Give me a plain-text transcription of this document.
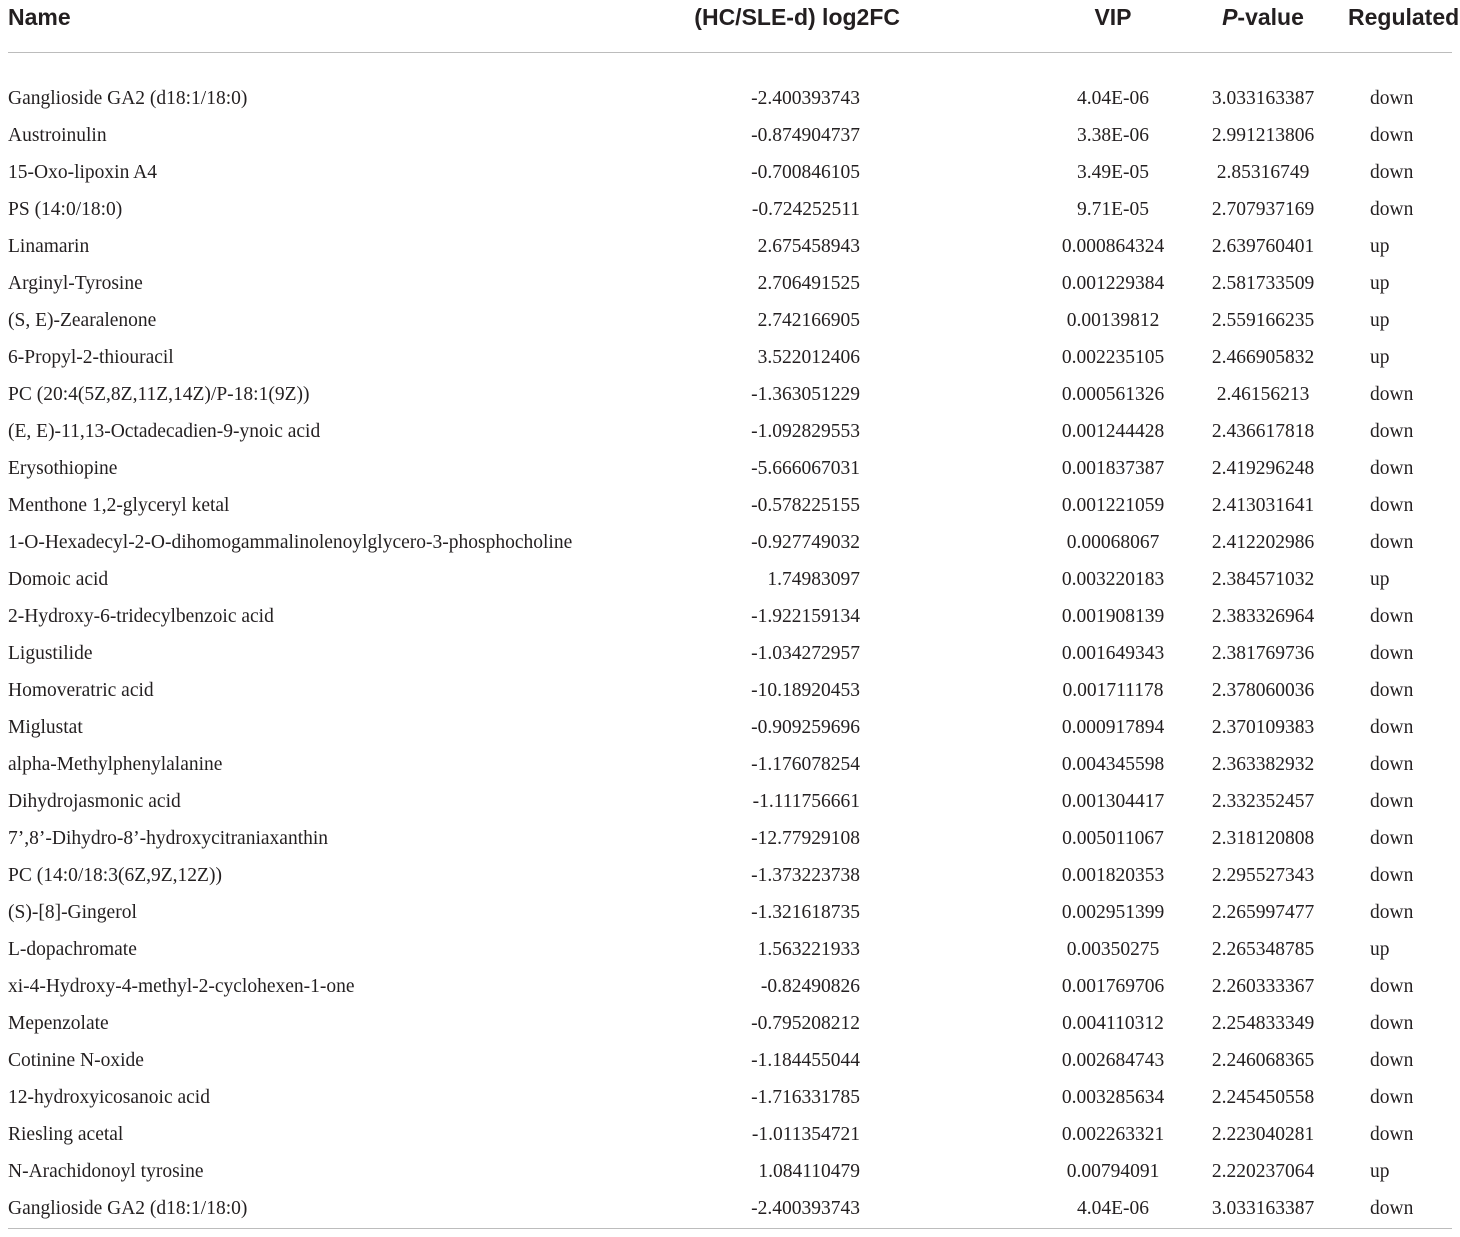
Name	(HC/SLE-d) log2FC	VIP	P-value	Regulated
Ganglioside GA2 (d18:1/18:0)	-2.400393743	4.04E-06	3.033163387	down
Austroinulin	-0.874904737	3.38E-06	2.991213806	down
15-Oxo-lipoxin A4	-0.700846105	3.49E-05	2.85316749	down
PS (14:0/18:0)	-0.724252511	9.71E-05	2.707937169	down
Linamarin	2.675458943	0.000864324	2.639760401	up
Arginyl-Tyrosine	2.706491525	0.001229384	2.581733509	up
(S, E)-Zearalenone	2.742166905	0.00139812	2.559166235	up
6-Propyl-2-thiouracil	3.522012406	0.002235105	2.466905832	up
PC (20:4(5Z,8Z,11Z,14Z)/P-18:1(9Z))	-1.363051229	0.000561326	2.46156213	down
(E, E)-11,13-Octadecadien-9-ynoic acid	-1.092829553	0.001244428	2.436617818	down
Erysothiopine	-5.666067031	0.001837387	2.419296248	down
Menthone 1,2-glyceryl ketal	-0.578225155	0.001221059	2.413031641	down
1-O-Hexadecyl-2-O-dihomogammalinolenoylglycero-3-phosphocholine	-0.927749032	0.00068067	2.412202986	down
Domoic acid	1.74983097	0.003220183	2.384571032	up
2-Hydroxy-6-tridecylbenzoic acid	-1.922159134	0.001908139	2.383326964	down
Ligustilide	-1.034272957	0.001649343	2.381769736	down
Homoveratric acid	-10.18920453	0.001711178	2.378060036	down
Miglustat	-0.909259696	0.000917894	2.370109383	down
alpha-Methylphenylalanine	-1.176078254	0.004345598	2.363382932	down
Dihydrojasmonic acid	-1.111756661	0.001304417	2.332352457	down
7’,8’-Dihydro-8’-hydroxycitraniaxanthin	-12.77929108	0.005011067	2.318120808	down
PC (14:0/18:3(6Z,9Z,12Z))	-1.373223738	0.001820353	2.295527343	down
(S)-[8]-Gingerol	-1.321618735	0.002951399	2.265997477	down
L-dopachromate	1.563221933	0.00350275	2.265348785	up
xi-4-Hydroxy-4-methyl-2-cyclohexen-1-one	-0.82490826	0.001769706	2.260333367	down
Mepenzolate	-0.795208212	0.004110312	2.254833349	down
Cotinine N-oxide	-1.184455044	0.002684743	2.246068365	down
12-hydroxyicosanoic acid	-1.716331785	0.003285634	2.245450558	down
Riesling acetal	-1.011354721	0.002263321	2.223040281	down
N-Arachidonoyl tyrosine	1.084110479	0.00794091	2.220237064	up
Ganglioside GA2 (d18:1/18:0)	-2.400393743	4.04E-06	3.033163387	down
